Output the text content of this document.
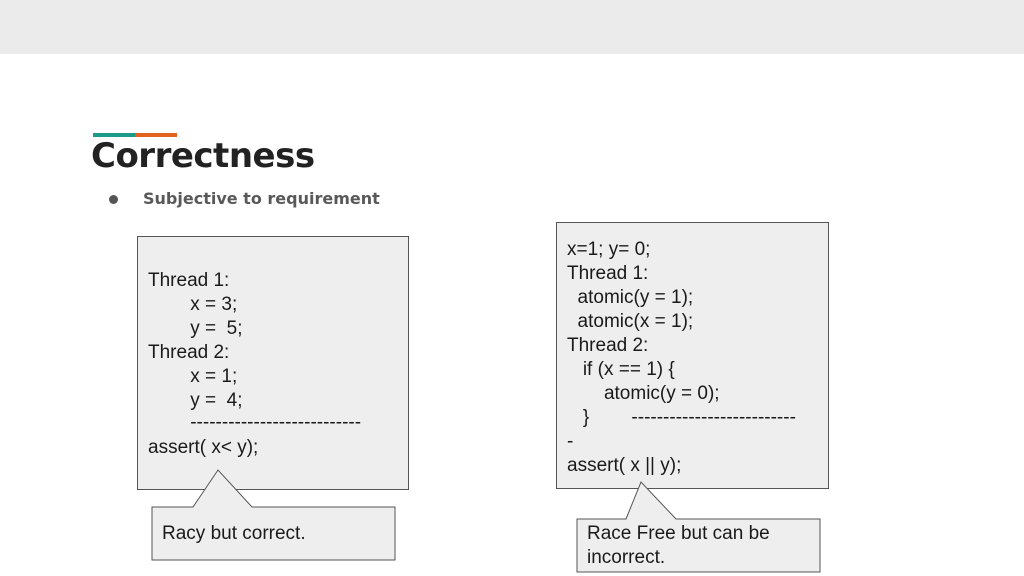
Correctness
Subjective to requirement
Thread 1:
x = 3;
y =  5;
Thread 2:
x = 1;
y =  4;
---------------------------
assert( x< y);
x=1; y= 0;
Thread 1:
atomic(y = 1);
atomic(x = 1);
Thread 2:
if (x == 1) {
atomic(y = 0);
}        --------------------------
-
assert( x || y);
Racy but correct.	Race Free but can be
incorrect.
